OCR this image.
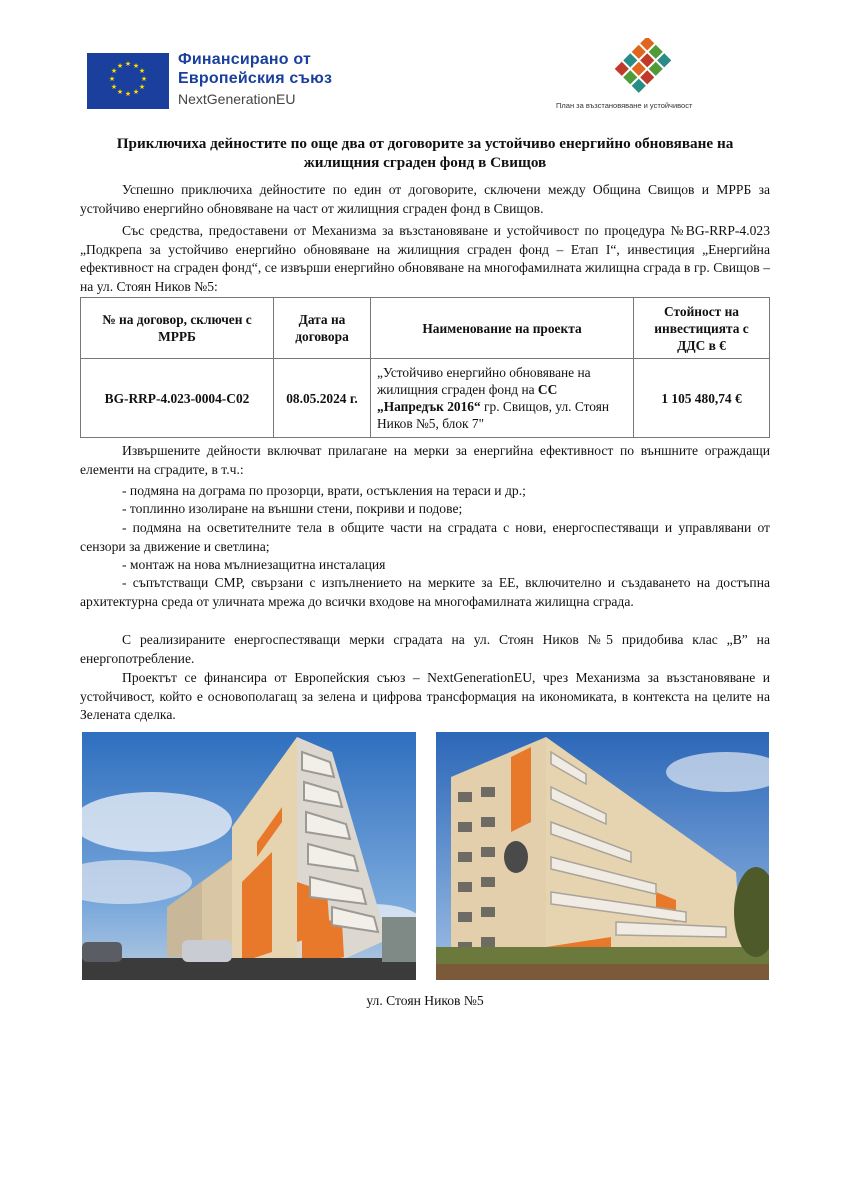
★ ★
★
★
★
★
★
★
★
★
★
★	Финансирано от
Европейския съюз
NextGenerationEU	План за възстановяване и устойчивост
Приключиха дейностите по още два от договорите за устойчиво енергийно обновяване на жилищния сграден фонд в Свищов
Успешно приключиха дейностите по един от договорите, сключени между Община Свищов и МРРБ за устойчиво енергийно обновяване на част от жилищния сграден фонд в Свищов.
Със средства, предоставени от Механизма за възстановяване и устойчивост по процедура №BG-RRP-4.023 „Подкрепа за устойчиво енергийно обновяване на жилищния сграден фонд – Етап I“, инвестиция „Енергийна ефективност на сграден фонд“, се извърши енергийно обновяване на многофамилната жилищна сграда в гр. Свищов – на ул. Стоян Ников №5:
№ на договор, сключен с МРРБ	Дата на договора	Наименование на проекта	Стойност на инвестицията с ДДС в €
BG-RRP-4.023-0004-C02	08.05.2024 г.	„Устойчиво енергийно обновяване на жилищния сграден фонд на СС „Напредък 2016“ гр. Свищов, ул. Стоян Ников №5, блок 7"	1 105 480,74 €
Извършените дейности включват прилагане на мерки за енергийна ефективност по външните ограждащи елементи на сградите, в т.ч.:
- подмяна на дограма по прозорци, врати, остъкления на тераси и др.;
- топлинно изолиране на външни стени, покриви и подове;
- подмяна на осветителните тела в общите части на сградата с нови, енергоспестяващи и управлявани от сензори за движение и светлина;
- монтаж на нова мълниезащитна инсталация
- съпътстващи СМР, свързани с изпълнението на мерките за ЕЕ, включително и създаването на достъпна архитектурна среда от уличната мрежа до всички входове на многофамилната жилищна сграда.
С реализираните енергоспестяващи мерки сградата на ул. Стоян Ников №5 придобива клас „B” на енергопотребление.
Проектът се финансира от Европейския съюз – NextGenerationEU, чрез Механизма за възстановяване и устойчивост, който е основополагащ за зелена и цифрова трансформация на икономиката, в контекста на целите на Зелената сделка.
ул. Стоян Ников №5
